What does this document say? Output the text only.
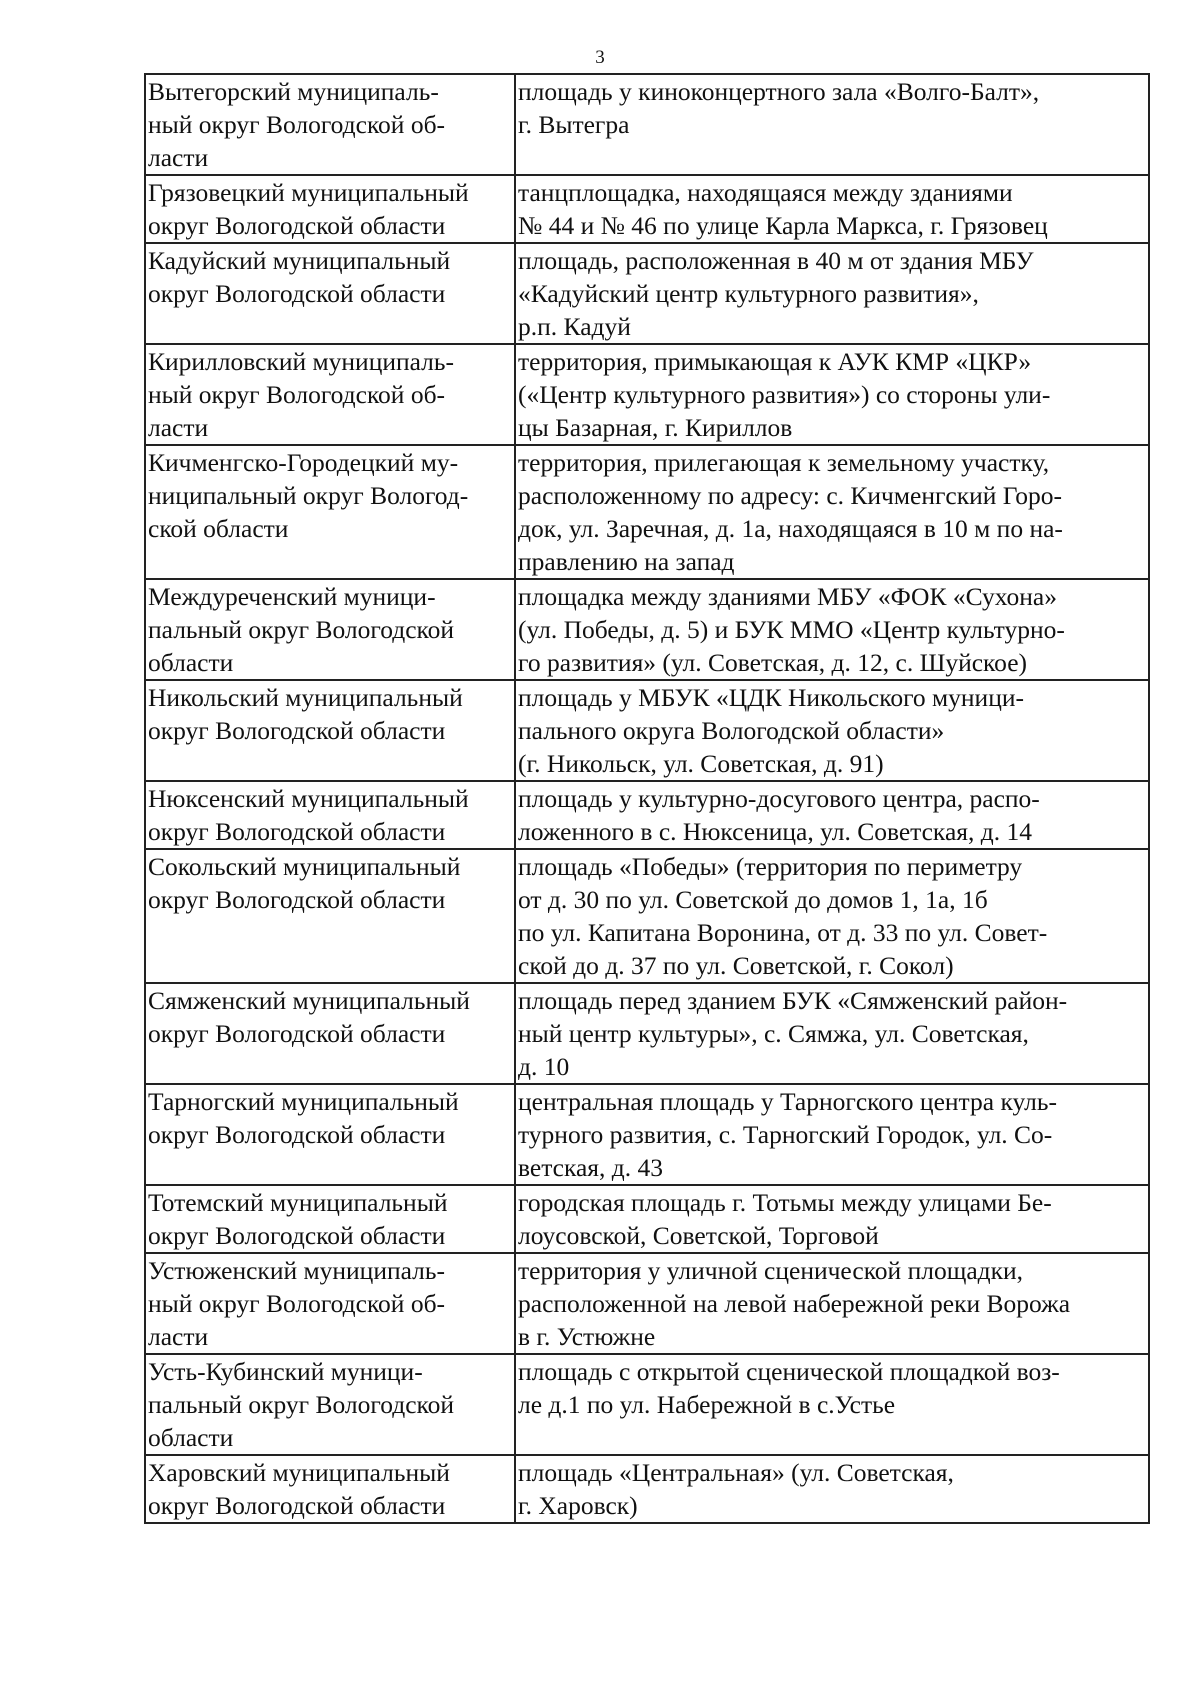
3
Вытегорский муниципаль-
ный округ Вологодской об-
ласти	площадь у киноконцертного зала «Волго-Балт»,
г. Вытегра

Грязовецкий муниципальный
округ Вологодской области	танцплощадка, находящаяся между зданиями
№ 44 и № 46 по улице Карла Маркса, г. Грязовец

Кадуйский муниципальный
округ Вологодской области	площадь, расположенная в 40 м от здания МБУ
«Кадуйский центр культурного развития»,
р.п. Кадуй

Кирилловский муниципаль-
ный округ Вологодской об-
ласти	территория, примыкающая к АУК КМР «ЦКР»
(«Центр культурного развития») со стороны ули-
цы Базарная, г. Кириллов

Кичменгско-Городецкий му-
ниципальный округ Вологод-
ской области	территория, прилегающая к земельному участку,
расположенному по адресу: с. Кичменгский Горо-
док, ул. Заречная, д. 1а, находящаяся в 10 м по на-
правлению на запад

Междуреченский муници-
пальный округ Вологодской
области	площадка между зданиями МБУ «ФОК «Сухона»
(ул. Победы, д. 5) и БУК ММО «Центр культурно-
го развития» (ул. Советская, д. 12, с. Шуйское)

Никольский муниципальный
округ Вологодской области	площадь у МБУК «ЦДК Никольского муници-
пального округа Вологодской области»
(г. Никольск, ул. Советская, д. 91)

Нюксенский муниципальный
округ Вологодской области	площадь у культурно-досугового центра, распо-
ложенного в с. Нюксеница, ул. Советская, д. 14

Сокольский муниципальный
округ Вологодской области	площадь «Победы» (территория по периметру
от д. 30 по ул. Советской до домов 1, 1а, 1б
по ул. Капитана Воронина, от д. 33 по ул. Совет-
ской до д. 37 по ул. Советской, г. Сокол)

Сямженский муниципальный
округ Вологодской области	площадь перед зданием БУК «Сямженский район-
ный центр культуры», с. Сямжа, ул. Советская,
д. 10

Тарногский муниципальный
округ Вологодской области	центральная площадь у Тарногского центра куль-
турного развития, с. Тарногский Городок, ул. Со-
ветская, д. 43

Тотемский муниципальный
округ Вологодской области	городская площадь г. Тотьмы между улицами Бе-
лоусовской, Советской, Торговой

Устюженский муниципаль-
ный округ Вологодской об-
ласти	территория у уличной сценической площадки,
расположенной на левой набережной реки Ворожа
в г. Устюжне

Усть-Кубинский муници-
пальный округ Вологодской
области	площадь с открытой сценической площадкой воз-
ле д.1 по ул. Набережной в с.Устье

Харовский муниципальный
округ Вологодской области	площадь «Центральная» (ул. Советская,
г. Харовск)
